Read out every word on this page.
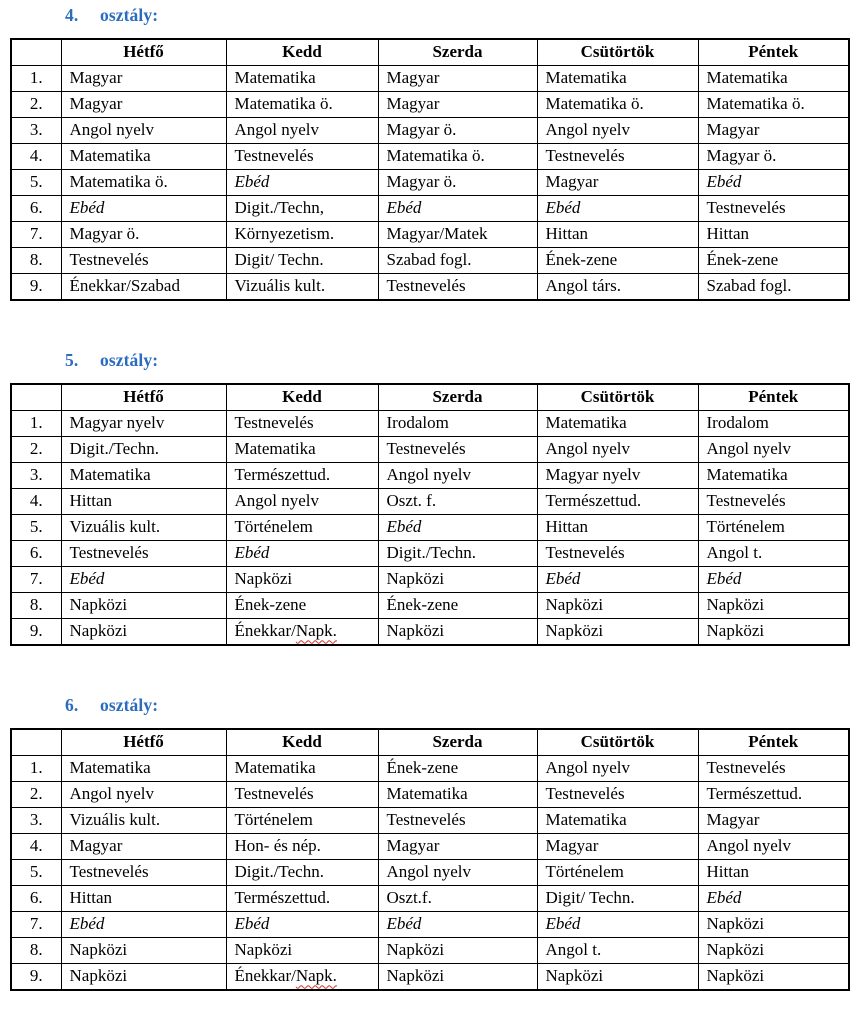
4. osztály:
	Hétfő	Kedd	Szerda	Csütörtök	Péntek
1.	Magyar	Matematika	Magyar	Matematika	Matematika
2.	Magyar	Matematika ö.	Magyar	Matematika ö.	Matematika ö.
3.	Angol nyelv	Angol nyelv	Magyar ö.	Angol nyelv	Magyar
4.	Matematika	Testnevelés	Matematika ö.	Testnevelés	Magyar ö.
5.	Matematika ö.	Ebéd	Magyar ö.	Magyar	Ebéd
6.	Ebéd	Digit./Techn,	Ebéd	Ebéd	Testnevelés
7.	Magyar ö.	Környezetism.	Magyar/Matek	Hittan	Hittan
8.	Testnevelés	Digit/ Techn.	Szabad fogl.	Ének-zene	Ének-zene
9.	Énekkar/Szabad	Vizuális kult.	Testnevelés	Angol társ.	Szabad fogl.
5. osztály:
	Hétfő	Kedd	Szerda	Csütörtök	Péntek
1.	Magyar nyelv	Testnevelés	Irodalom	Matematika	Irodalom
2.	Digit./Techn.	Matematika	Testnevelés	Angol nyelv	Angol nyelv
3.	Matematika	Természettud.	Angol nyelv	Magyar nyelv	Matematika
4.	Hittan	Angol nyelv	Oszt. f.	Természettud.	Testnevelés
5.	Vizuális kult.	Történelem	Ebéd	Hittan	Történelem
6.	Testnevelés	Ebéd	Digit./Techn.	Testnevelés	Angol t.
7.	Ebéd	Napközi	Napközi	Ebéd	Ebéd
8.	Napközi	Ének-zene	Ének-zene	Napközi	Napközi
9.	Napközi	Énekkar/Napk.	Napközi	Napközi	Napközi
6. osztály:
	Hétfő	Kedd	Szerda	Csütörtök	Péntek
1.	Matematika	Matematika	Ének-zene	Angol nyelv	Testnevelés
2.	Angol nyelv	Testnevelés	Matematika	Testnevelés	Természettud.
3.	Vizuális kult.	Történelem	Testnevelés	Matematika	Magyar
4.	Magyar	Hon- és nép.	Magyar	Magyar	Angol nyelv
5.	Testnevelés	Digit./Techn.	Angol nyelv	Történelem	Hittan
6.	Hittan	Természettud.	Oszt.f.	Digit/ Techn.	Ebéd
7.	Ebéd	Ebéd	Ebéd	Ebéd	Napközi
8.	Napközi	Napközi	Napközi	Angol t.	Napközi
9.	Napközi	Énekkar/Napk.	Napközi	Napközi	Napközi
